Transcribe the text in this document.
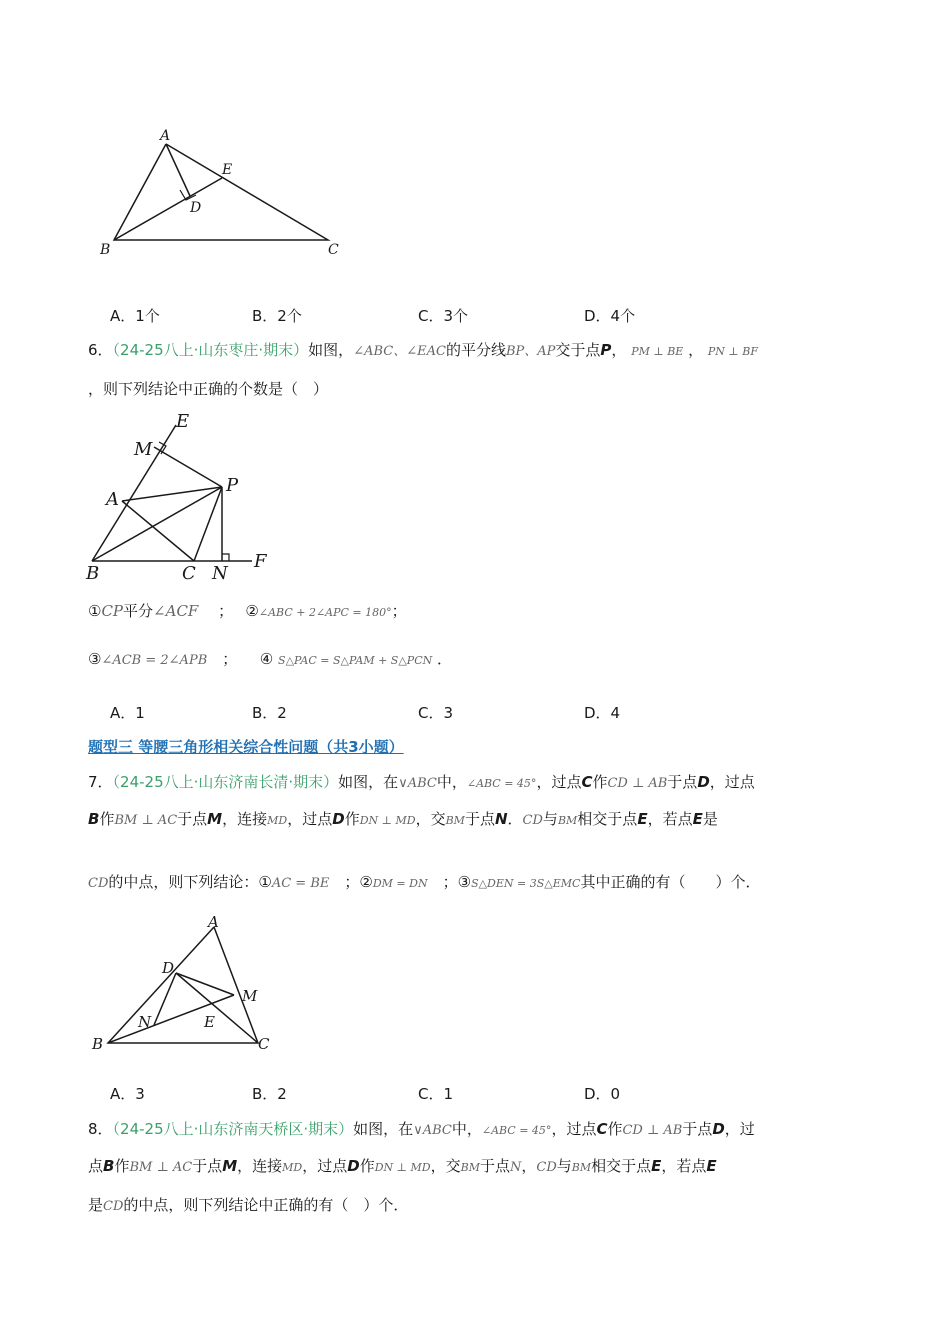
A
E
D
B	C
A．1个	B．2个	C．3个	D．4个
6．（24-25八上·山东枣庄·期末）如图，∠ABC、∠EAC的平分线BP、AP交于点P， PM ⊥ BE ， PN ⊥ BF
，则下列结论中正确的个数是（　）
E
M
P
A
B	C N
F
①CP平分∠ACF　 ；　 ②∠ABC + 2∠APC = 180°；
③∠ACB = 2∠APB　 ；　　 ④ S△PAC = S△PAM + S△PCN ．
A．1	B．2	C．3	D．4
题型三 等腰三角形相关综合性问题（共3小题）
7．（24-25八上·山东济南长清·期末）如图，在∨ABC中，∠ABC = 45°，过点C作CD ⊥ AB于点D，过点
B作BM ⊥ AC于点M，连接MD，过点D作DN ⊥ MD，交BM于点N．CD与BM相交于点E，若点E是
CD的中点，则下列结论：①AC = BE　 ；②DM = DN　 ；③S△DEN = 3S△EMC其中正确的有（　　）个．
A
D
M
N	E
B	C
A．3	B．2	C．1	D．0
8．（24-25八上·山东济南天桥区·期末）如图，在∨ABC中，∠ABC = 45°，过点C作CD ⊥ AB于点D，过
点B作BM ⊥ AC于点M，连接MD，过点D作DN ⊥ MD，交BM于点N，CD与BM相交于点E，若点E
是CD的中点，则下列结论中正确的有（　）个．
